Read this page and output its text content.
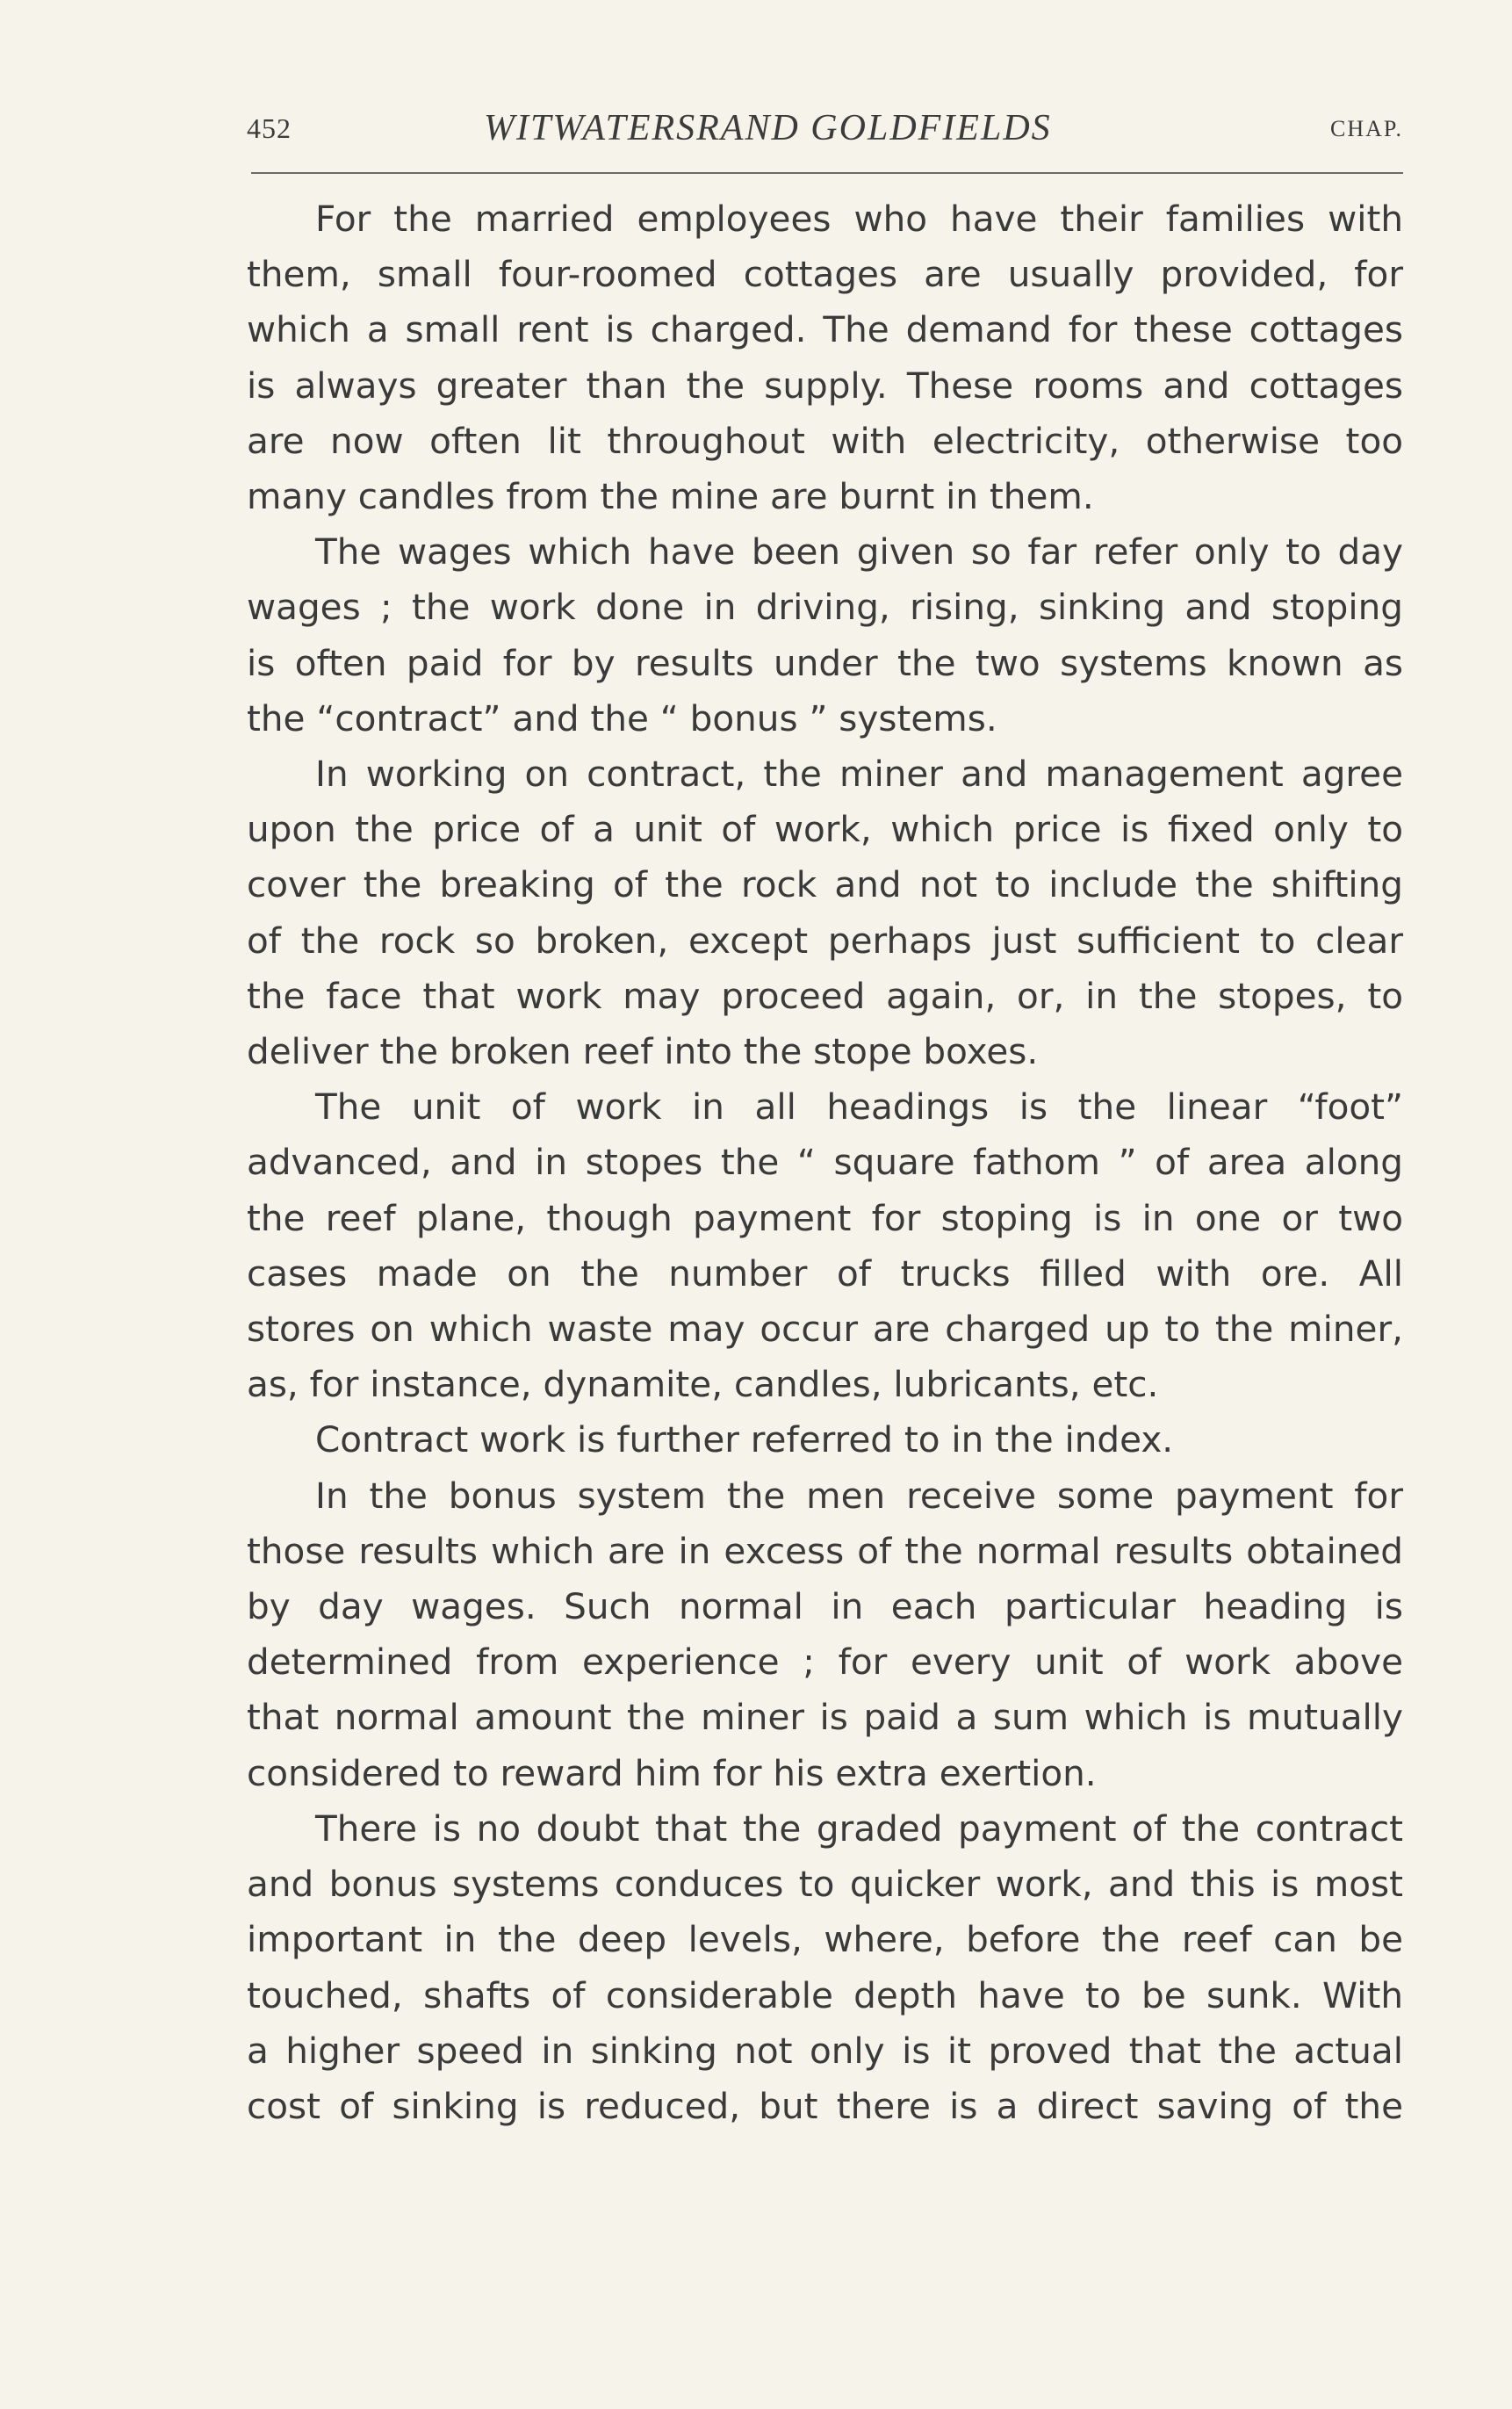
452	WITWATERSRAND GOLDFIELDS	CHAP.
For the married employees who have their families with
them, small four-roomed cottages are usually provided, for
which a small rent is charged. The demand for these cottages
is always greater than the supply. These rooms and cottages
are now often lit throughout with electricity, otherwise too
many candles from the mine are burnt in them.
The wages which have been given so far refer only to day
wages ; the work done in driving, rising, sinking and stoping
is often paid for by results under the two systems known as
the “contract” and the “ bonus ” systems.
In working on contract, the miner and management agree
upon the price of a unit of work, which price is fixed only to
cover the breaking of the rock and not to include the shifting
of the rock so broken, except perhaps just sufficient to clear
the face that work may proceed again, or, in the stopes, to
deliver the broken reef into the stope boxes.
The unit of work in all headings is the linear “foot”
advanced, and in stopes the “ square fathom ” of area along
the reef plane, though payment for stoping is in one or two
cases made on the number of trucks filled with ore. All
stores on which waste may occur are charged up to the miner,
as, for instance, dynamite, candles, lubricants, etc.
Contract work is further referred to in the index.
In the bonus system the men receive some payment for
those results which are in excess of the normal results obtained
by day wages. Such normal in each particular heading is
determined from experience ; for every unit of work above
that normal amount the miner is paid a sum which is mutually
considered to reward him for his extra exertion.
There is no doubt that the graded payment of the contract
and bonus systems conduces to quicker work, and this is most
important in the deep levels, where, before the reef can be
touched, shafts of considerable depth have to be sunk. With
a higher speed in sinking not only is it proved that the actual
cost of sinking is reduced, but there is a direct saving of the
